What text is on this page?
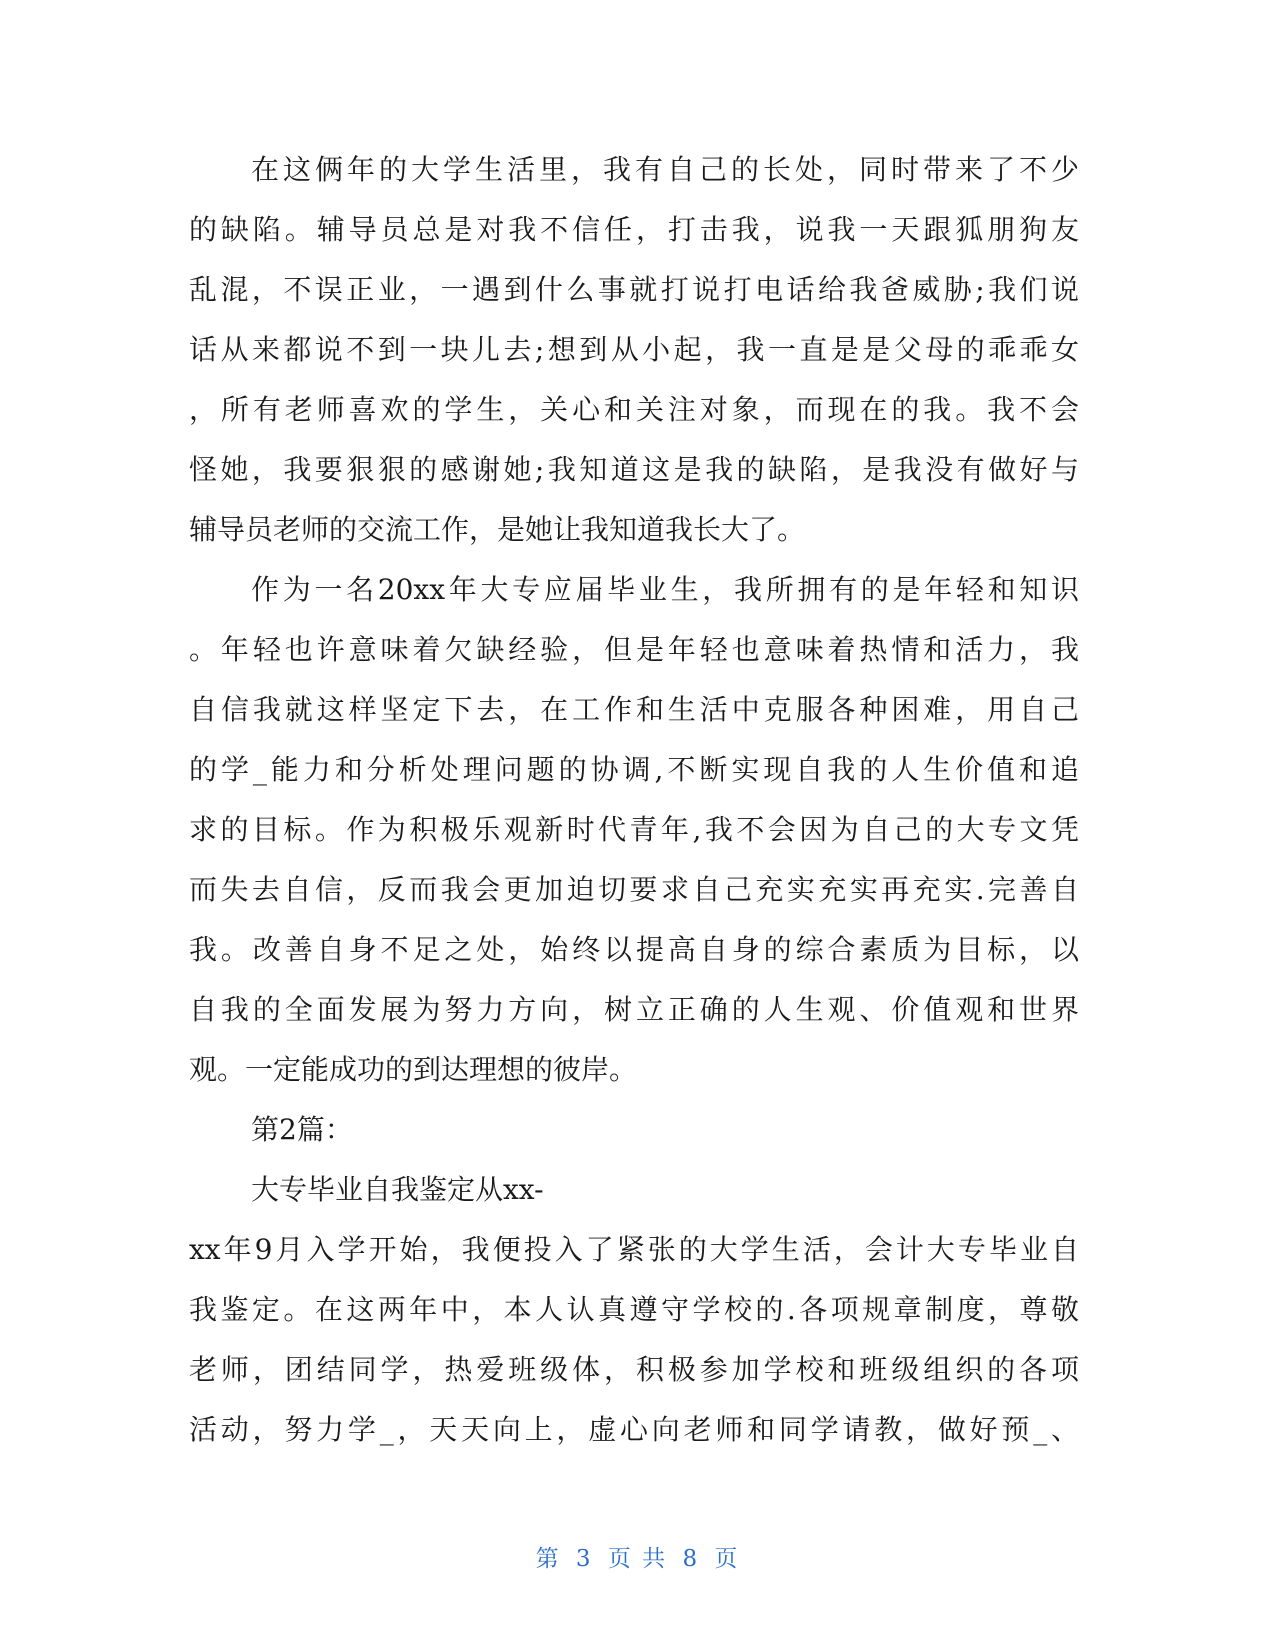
在这俩年的大学生活里，我有自己的长处，同时带来了不少
的缺陷。辅导员总是对我不信任，打击我，说我一天跟狐朋狗友
乱混，不误正业，一遇到什么事就打说打电话给我爸威胁;我们说
话从来都说不到一块儿去;想到从小起，我一直是是父母的乖乖女
，所有老师喜欢的学生，关心和关注对象，而现在的我。我不会
怪她，我要狠狠的感谢她;我知道这是我的缺陷，是我没有做好与
辅导员老师的交流工作，是她让我知道我长大了。
作为一名20xx年大专应届毕业生，我所拥有的是年轻和知识
。年轻也许意味着欠缺经验，但是年轻也意味着热情和活力，我
自信我就这样坚定下去，在工作和生活中克服各种困难，用自己
的学_能力和分析处理问题的协调,不断实现自我的人生价值和追
求的目标。作为积极乐观新时代青年,我不会因为自己的大专文凭
而失去自信，反而我会更加迫切要求自己充实充实再充实.完善自
我。改善自身不足之处，始终以提高自身的综合素质为目标，以
自我的全面发展为努力方向，树立正确的人生观、价值观和世界
观。一定能成功的到达理想的彼岸。
第2篇：
大专毕业自我鉴定从xx-
xx年9月入学开始，我便投入了紧张的大学生活，会计大专毕业自
我鉴定。在这两年中，本人认真遵守学校的.各项规章制度，尊敬
老师，团结同学，热爱班级体，积极参加学校和班级组织的各项
活动，努力学_，天天向上，虚心向老师和同学请教，做好预_、
第 3 页 共 8 页
